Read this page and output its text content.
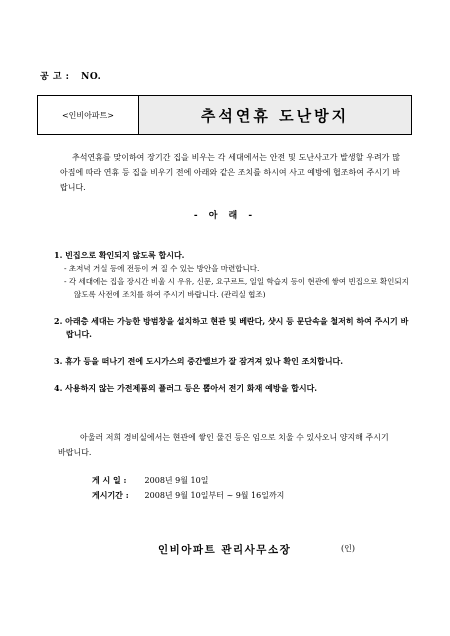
공 고 : NO.
<인비아파트>	추석연휴 도난방지
추석연휴를 맞이하여 장기간 집을 비우는 각 세대에서는 안전 및 도난사고가 발생할 우려가 많아짐에 따라 연휴 등 집을 비우기 전에 아래와 같은 조치를 하시여 사고 예방에 협조하여 주시기 바랍니다.
- 아 래 -
1. 빈집으로 확인되지 않도록 합시다.
- 초저녁 거실 등에 전등이 켜 질 수 있는 방안을 마련합니다.
- 각 세대에는 집을 장시간 비울 시 우유, 신문, 요구르트, 일일 학습지 등이 현관에 쌓여 빈집으로 확인되지 않도록 사전에 조치를 하여 주시기 바랍니다. (관리실 협조)
2. 아래층 세대는 가능한 방범창을 설치하고 현관 및 베란다, 샷시 등 문단속을 철저히 하여 주시기 바랍니다.
3. 휴가 등을 떠나기 전에 도시가스의 중간밸브가 잘 잠겨져 있나 확인 조치합니다.
4. 사용하지 않는 가전제품의 플러그 등은 뽑아서 전기 화재 예방을 합시다.
아울러 저희 경비실에서는 현관에 쌓인 물건 등은 임으로 치울 수 있사오니 양지해 주시기 바랍니다.
게 시 일 : 2008년 9월 10일
게시기간 : 2008년 9월 10일부터 ~ 9월 16일까지
인비아파트 관리사무소장	(인)
